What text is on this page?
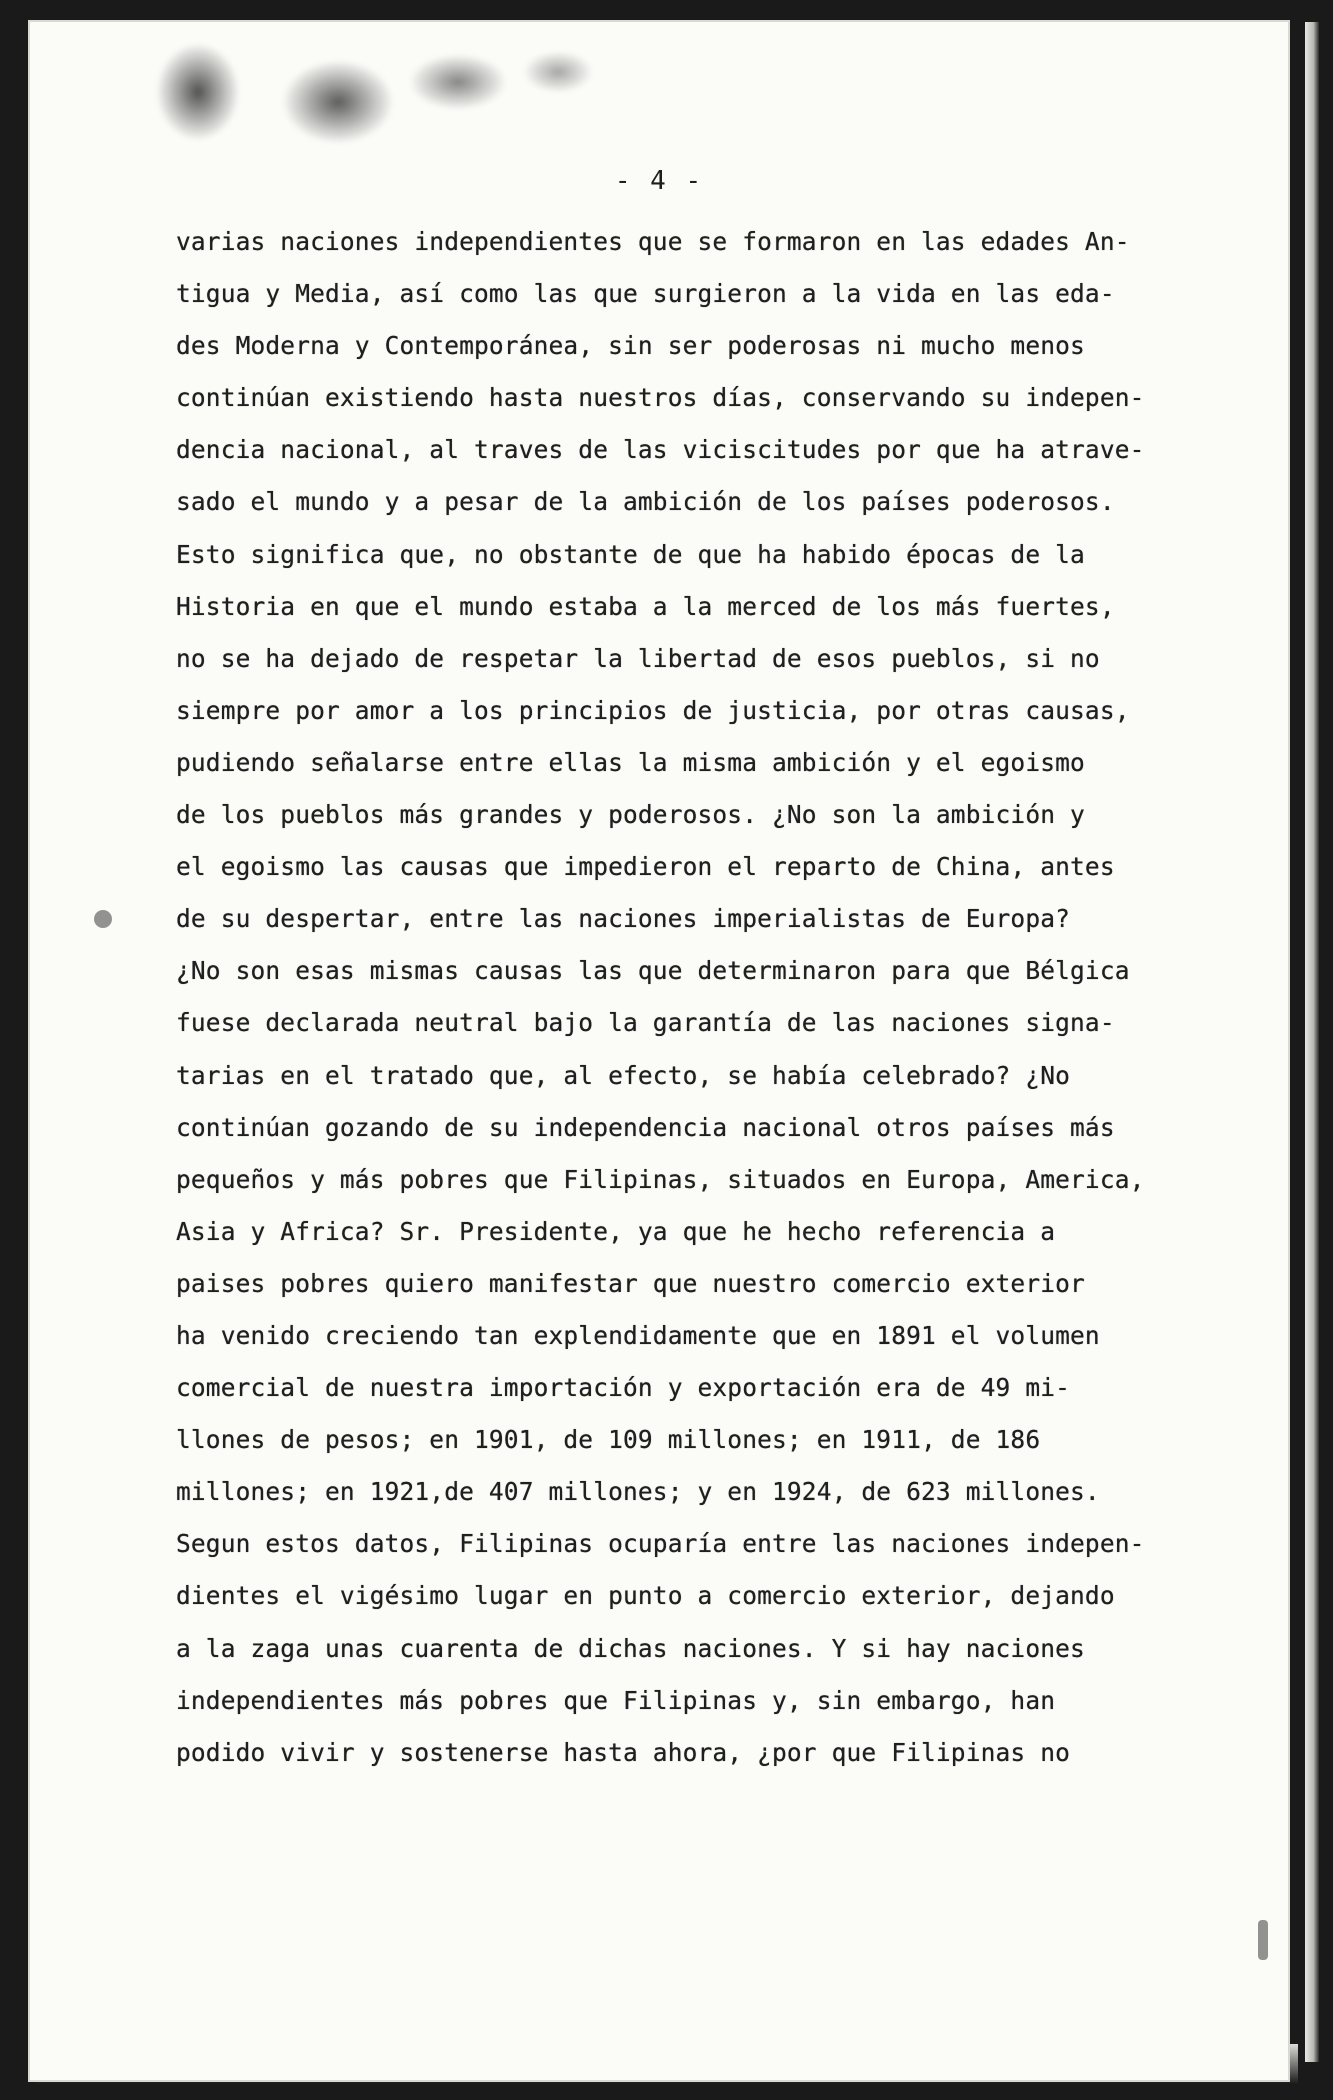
- 4 -
varias naciones independientes que se formaron en las edades An-
tigua y Media, así como las que surgieron a la vida en las eda-
des Moderna y Contemporánea, sin ser poderosas ni mucho menos
continúan existiendo hasta nuestros días, conservando su indepen-
dencia nacional, al traves de las viciscitudes por que ha atrave-
sado el mundo y a pesar de la ambición de los países poderosos.
Esto significa que, no obstante de que ha habido épocas de la
Historia en que el mundo estaba a la merced de los más fuertes,
no se ha dejado de respetar la libertad de esos pueblos, si no
siempre por amor a los principios de justicia, por otras causas,
pudiendo señalarse entre ellas la misma ambición y el egoismo
de los pueblos más grandes y poderosos. ¿No son la ambición y
el egoismo las causas que impedieron el reparto de China, antes
de su despertar, entre las naciones imperialistas de Europa?
¿No son esas mismas causas las que determinaron para que Bélgica
fuese declarada neutral bajo la garantía de las naciones signa-
tarias en el tratado que, al efecto, se había celebrado? ¿No
continúan gozando de su independencia nacional otros países más
pequeños y más pobres que Filipinas, situados en Europa, America,
Asia y Africa? Sr. Presidente, ya que he hecho referencia a
paises pobres quiero manifestar que nuestro comercio exterior
ha venido creciendo tan explendidamente que en 1891 el volumen
comercial de nuestra importación y exportación era de 49 mi-
llones de pesos; en 1901, de 109 millones; en 1911, de 186
millones; en 1921,de 407 millones; y en 1924, de 623 millones.
Segun estos datos, Filipinas ocuparía entre las naciones indepen-
dientes el vigésimo lugar en punto a comercio exterior, dejando
a la zaga unas cuarenta de dichas naciones. Y si hay naciones
independientes más pobres que Filipinas y, sin embargo, han
podido vivir y sostenerse hasta ahora, ¿por que Filipinas no
